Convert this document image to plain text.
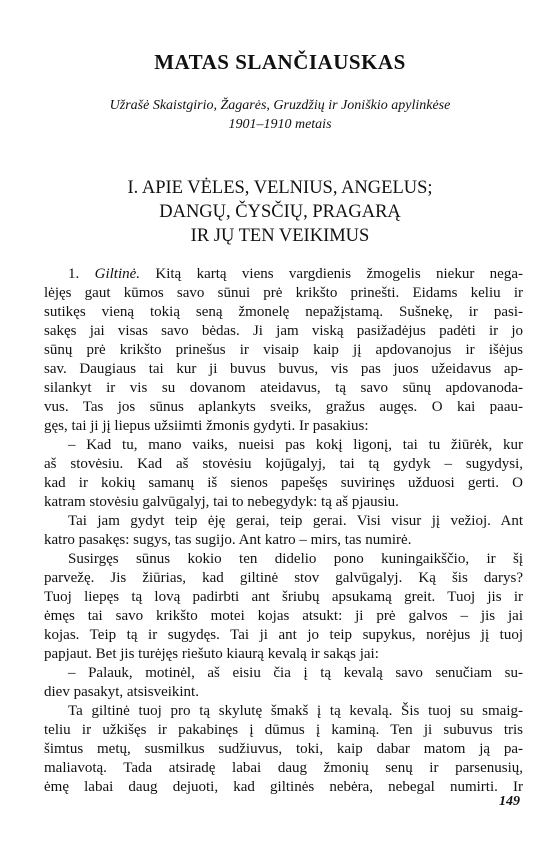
MATAS SLANČIAUSKAS
Užrašė Skaistgirio, Žagarės, Gruzdžių ir Joniškio apylinkėse
1901–1910 metais
I. APIE VĖLES, VELNIUS, ANGELUS;
DANGŲ, ČYSČIŲ, PRAGARĄ
IR JŲ TEN VEIKIMUS
1. Giltinė. Kitą kartą viens vargdienis žmogelis niekur nega-
lėjęs gaut kūmos savo sūnui prė krikšto prinešti. Eidams keliu ir
sutikęs vieną tokią seną žmonelę nepažįstamą. Sušnekę, ir pasi-
sakęs jai visas savo bėdas. Ji jam viską pasižadėjus padėti ir jo
sūnų prė krikšto prinešus ir visaip kaip jį apdovanojus ir išėjus
sav. Daugiaus tai kur ji buvus buvus, vis pas juos užeidavus ap-
silankyt ir vis su dovanom ateidavus, tą savo sūnų apdovanoda-
vus. Tas jos sūnus aplankyts sveiks, gražus augęs. O kai paau-
gęs, tai ji jį liepus užsiimti žmonis gydyti. Ir pasakius:
– Kad tu, mano vaiks, nueisi pas kokį ligonį, tai tu žiūrėk, kur
aš stovėsiu. Kad aš stovėsiu kojūgalyj, tai tą gydyk – sugydysi,
kad ir kokių samanų iš sienos papešęs suvirinęs užduosi gerti. O
katram stovėsiu galvūgalyj, tai to nebegydyk: tą aš pjausiu.
Tai jam gydyt teip ėję gerai, teip gerai. Visi visur jį vežioj. Ant
katro pasakęs: sugys, tas sugijo. Ant katro – mirs, tas numirė.
Susirgęs sūnus kokio ten didelio pono kuningaikščio, ir šį
parvežę. Jis žiūrias, kad giltinė stov galvūgalyj. Ką šis darys?
Tuoj liepęs tą lovą padirbti ant šriubų apsukamą greit. Tuoj jis ir
ėmęs tai savo krikšto motei kojas atsukt: ji prė galvos – jis jai
kojas. Teip tą ir sugydęs. Tai ji ant jo teip supykus, norėjus jį tuoj
papjaut. Bet jis turėjęs riešuto kiaurą kevalą ir sakąs jai:
– Palauk, motinėl, aš eisiu čia į tą kevalą savo senučiam su-
diev pasakyt, atsisveikint.
Ta giltinė tuoj pro tą skylutę šmakš į tą kevalą. Šis tuoj su smaig-
teliu ir užkišęs ir pakabinęs į dūmus į kaminą. Ten ji subuvus tris
šimtus metų, susmilkus sudžiuvus, toki, kaip dabar matom ją pa-
maliavotą. Tada atsiradę labai daug žmonių senų ir parsenusių,
ėmę labai daug dejuoti, kad giltinės nebėra, nebegal numirti. Ir
149
